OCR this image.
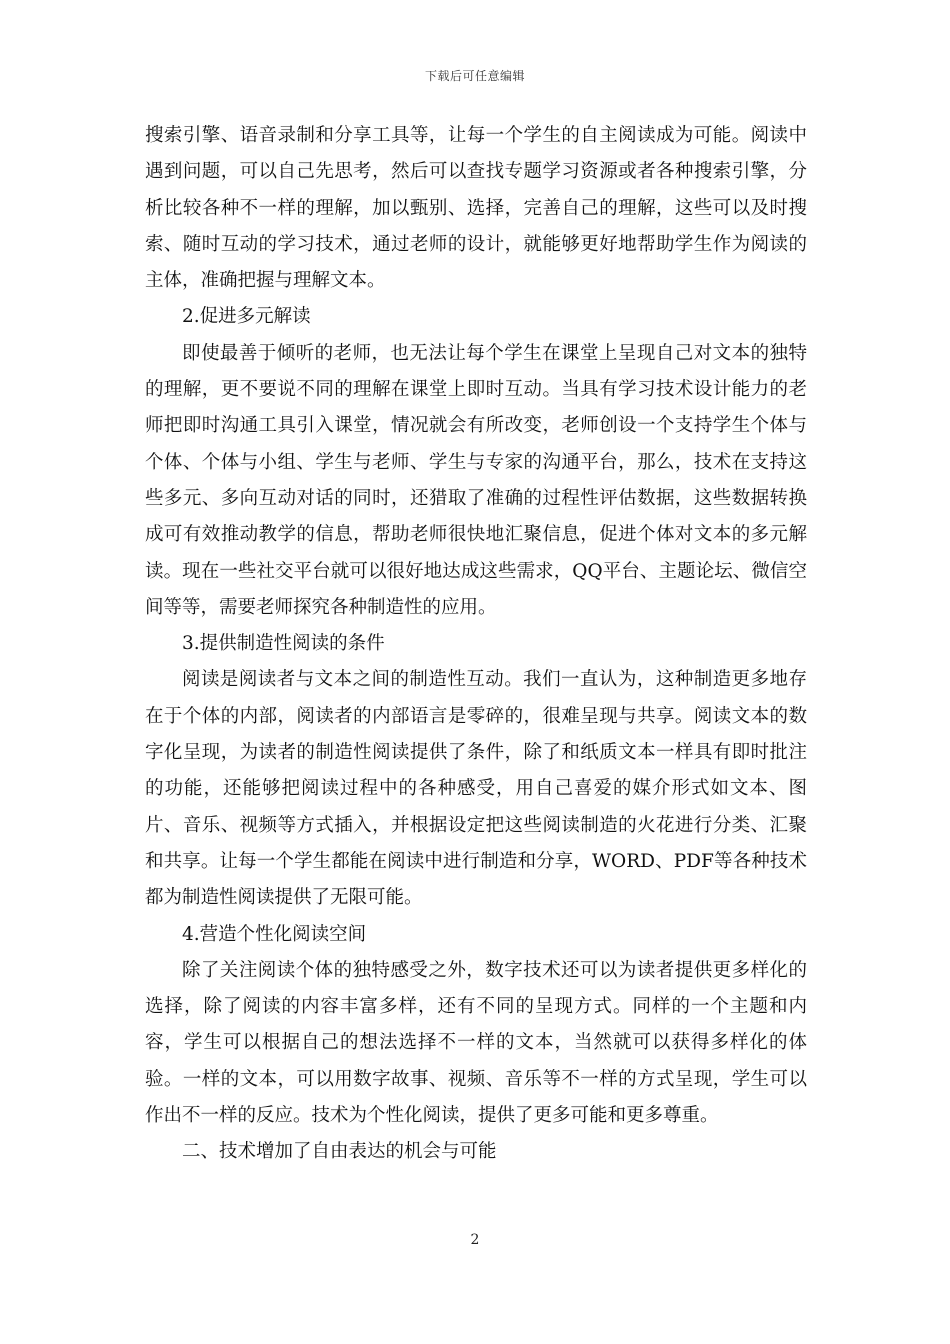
下载后可任意编辑

搜索引擎、语音录制和分享工具等，让每一个学生的自主阅读成为可能。阅读中遇到问题，可以自己先思考，然后可以查找专题学习资源或者各种搜索引擎，分析比较各种不一样的理解，加以甄别、选择，完善自己的理解，这些可以及时搜索、随时互动的学习技术，通过老师的设计，就能够更好地帮助学生作为阅读的主体，准确把握与理解文本。

2.促进多元解读

即使最善于倾听的老师，也无法让每个学生在课堂上呈现自己对文本的独特的理解，更不要说不同的理解在课堂上即时互动。当具有学习技术设计能力的老师把即时沟通工具引入课堂，情况就会有所改变，老师创设一个支持学生个体与个体、个体与小组、学生与老师、学生与专家的沟通平台，那么，技术在支持这些多元、多向互动对话的同时，还猎取了准确的过程性评估数据，这些数据转换成可有效推动教学的信息，帮助老师很快地汇聚信息，促进个体对文本的多元解读。现在一些社交平台就可以很好地达成这些需求，QQ平台、主题论坛、微信空间等等，需要老师探究各种制造性的应用。

3.提供制造性阅读的条件

阅读是阅读者与文本之间的制造性互动。我们一直认为，这种制造更多地存在于个体的内部，阅读者的内部语言是零碎的，很难呈现与共享。阅读文本的数字化呈现，为读者的制造性阅读提供了条件，除了和纸质文本一样具有即时批注的功能，还能够把阅读过程中的各种感受，用自己喜爱的媒介形式如文本、图片、音乐、视频等方式插入，并根据设定把这些阅读制造的火花进行分类、汇聚和共享。让每一个学生都能在阅读中进行制造和分享，WORD、PDF等各种技术都为制造性阅读提供了无限可能。

4.营造个性化阅读空间

除了关注阅读个体的独特感受之外，数字技术还可以为读者提供更多样化的选择，除了阅读的内容丰富多样，还有不同的呈现方式。同样的一个主题和内容，学生可以根据自己的想法选择不一样的文本，当然就可以获得多样化的体验。一样的文本，可以用数字故事、视频、音乐等不一样的方式呈现，学生可以作出不一样的反应。技术为个性化阅读，提供了更多可能和更多尊重。

二、技术增加了自由表达的机会与可能

2
